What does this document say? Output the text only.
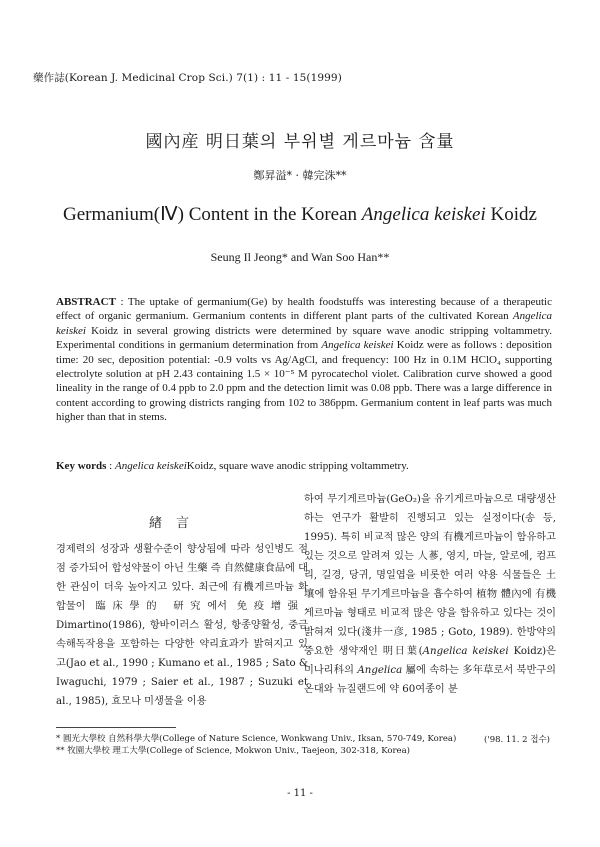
藥作誌(Korean J. Medicinal Crop Sci.) 7(1) : 11 - 15(1999)
國內産 明日葉의 부위별 게르마늄 含量
鄭昇溢* · 韓完洙**
Germanium(Ⅳ) Content in the Korean Angelica keiskei Koidz
Seung Il Jeong* and Wan Soo Han**
ABSTRACT : The uptake of germanium(Ge) by health foodstuffs was interesting because of a therapeutic effect of organic germanium. Germanium contents in different plant parts of the cultivated Korean Angelica keiskei Koidz in several growing districts were determined by square wave anodic stripping voltammetry. Experimental conditions in germanium determination from Angelica keiskei Koidz were as follows : deposition time: 20 sec, deposition potential: -0.9 volts vs Ag/AgCl, and frequency: 100 Hz in 0.1M HClO₄ supporting electrolyte solution at pH 2.43 containing 1.5 × 10⁻⁵ M pyrocatechol violet. Calibration curve showed a good lineality in the range of 0.4 ppb to 2.0 ppm and the detection limit was 0.08 ppb. There was a large difference in content according to growing districts ranging from 102 to 386ppm. Germanium content in leaf parts was much higher than that in stems.
Key words : Angelica keiskeiKoidz, square wave anodic stripping voltammetry.
緖言
경제력의 성장과 생활수준이 향상됨에 따라 성인병도 점점 증가되어 합성약물이 아닌 生藥 즉 自然健康食品에 대한 관심이 더욱 높아지고 있다. 최근에 有機게르마늄 화합물이 臨床學的 研究에서 免疫增强, Dimartino(1986), 항바이러스 활성, 항종양활성, 중금속해독작용을 포함하는 다양한 약리효과가 밝혀지고 있고(Jao et al., 1990 ; Kumano et al., 1985 ; Sato & Iwaguchi, 1979 ; Saier et al., 1987 ; Suzuki et al., 1985), 효모나 미생물을 이용
하여 무기게르마늄(GeO₂)을 유기게르마늄으로 대량생산하는 연구가 활발히 진행되고 있는 실정이다(송 등, 1995). 특히 비교적 많은 양의 有機게르마늄이 함유하고 있는 것으로 알려져 있는 人蔘, 영지, 마늘, 알로에, 컴프리, 길경, 당귀, 명일엽을 비롯한 여러 약용 식물들은 土壤에 함유된 무기게르마늄을 흡수하여 植物 體內에 有機게르마늄 형태로 비교적 많은 양을 함유하고 있다는 것이 밝혀져 있다(淺井一彦, 1985 ; Goto, 1989). 한방약의 중요한 생약재인 明日葉(Angelica keiskei Koidz)은 미나리科의 Angelica 屬에 속하는 多年草로서 북반구의 온대와 뉴질랜드에 약 60여종이 분
* 圓光大學校 自然科學大學(College of Nature Science, Wonkwang Univ., Iksan, 570-749, Korea)
** 牧園大學校 理工大學(College of Science, Mokwon Univ., Taejeon, 302-318, Korea)
('98. 11. 2 접수)
- 11 -
